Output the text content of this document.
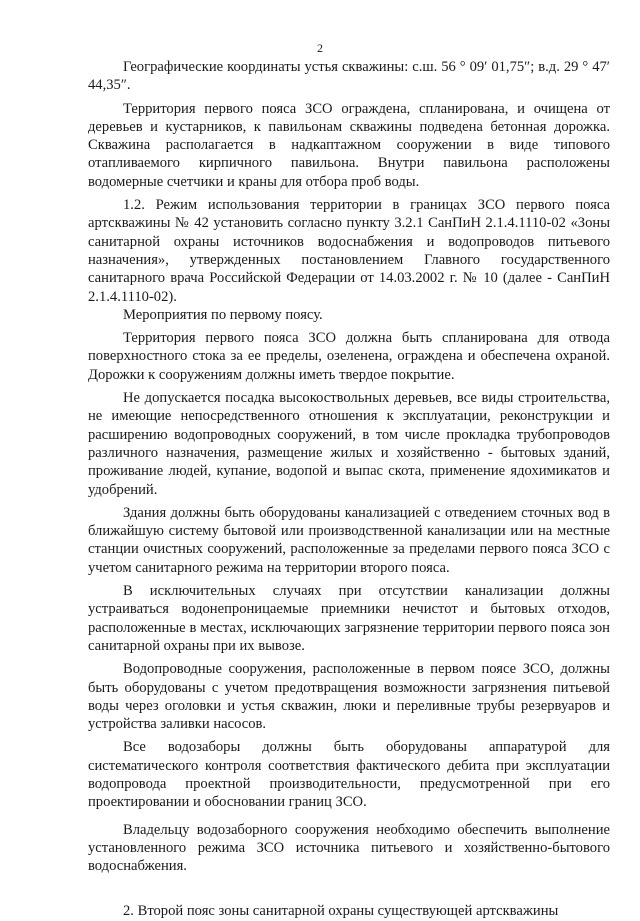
2

Географические координаты устья скважины: с.ш. 56 ° 09′ 01,75″; в.д. 29 ° 47′ 44,35″.

Территория первого пояса ЗСО ограждена, спланирована, и очищена от деревьев и кустарников, к павильонам скважины подведена бетонная дорожка. Скважина располагается в надкаптажном сооружении в виде типового отапливаемого кирпичного павильона. Внутри павильона расположены водомерные счетчики и краны для отбора проб воды.

1.2. Режим использования территории в границах ЗСО первого пояса артскважины № 42 установить согласно пункту 3.2.1 СанПиН 2.1.4.1110-02 «Зоны санитарной охраны источников водоснабжения и водопроводов питьевого назначения», утвержденных постановлением Главного государственного санитарного врача Российской Федерации от 14.03.2002 г. № 10 (далее - СанПиН 2.1.4.1110-02).

Мероприятия по первому поясу.

Территория первого пояса ЗСО должна быть спланирована для отвода поверхностного стока за ее пределы, озеленена, ограждена и обеспечена охраной. Дорожки к сооружениям должны иметь твердое покрытие.

Не допускается посадка высокоствольных деревьев, все виды строительства, не имеющие непосредственного отношения к эксплуатации, реконструкции и расширению водопроводных сооружений, в том числе прокладка трубопроводов различного назначения, размещение жилых и хозяйственно - бытовых зданий, проживание людей, купание, водопой и выпас скота, применение ядохимикатов и удобрений.

Здания должны быть оборудованы канализацией с отведением сточных вод в ближайшую систему бытовой или производственной канализации или на местные станции очистных сооружений, расположенные за пределами первого пояса ЗСО с учетом санитарного режима на территории второго пояса.

В исключительных случаях при отсутствии канализации должны устраиваться водонепроницаемые приемники нечистот и бытовых отходов, расположенные в местах, исключающих загрязнение территории первого пояса зон санитарной охраны при их вывозе.

Водопроводные сооружения, расположенные в первом поясе ЗСО, должны быть оборудованы с учетом предотвращения возможности загрязнения питьевой воды через оголовки и устья скважин, люки и переливные трубы резервуаров и устройства заливки насосов.

Все водозаборы должны быть оборудованы аппаратурой для систематического контроля соответствия фактического дебита при эксплуатации водопровода проектной производительности, предусмотренной при его проектировании и обосновании границ ЗСО.

Владельцу водозаборного сооружения необходимо обеспечить выполнение установленного режима ЗСО источника питьевого и хозяйственно-бытового водоснабжения.

2. Второй пояс зоны санитарной охраны существующей артскважины
